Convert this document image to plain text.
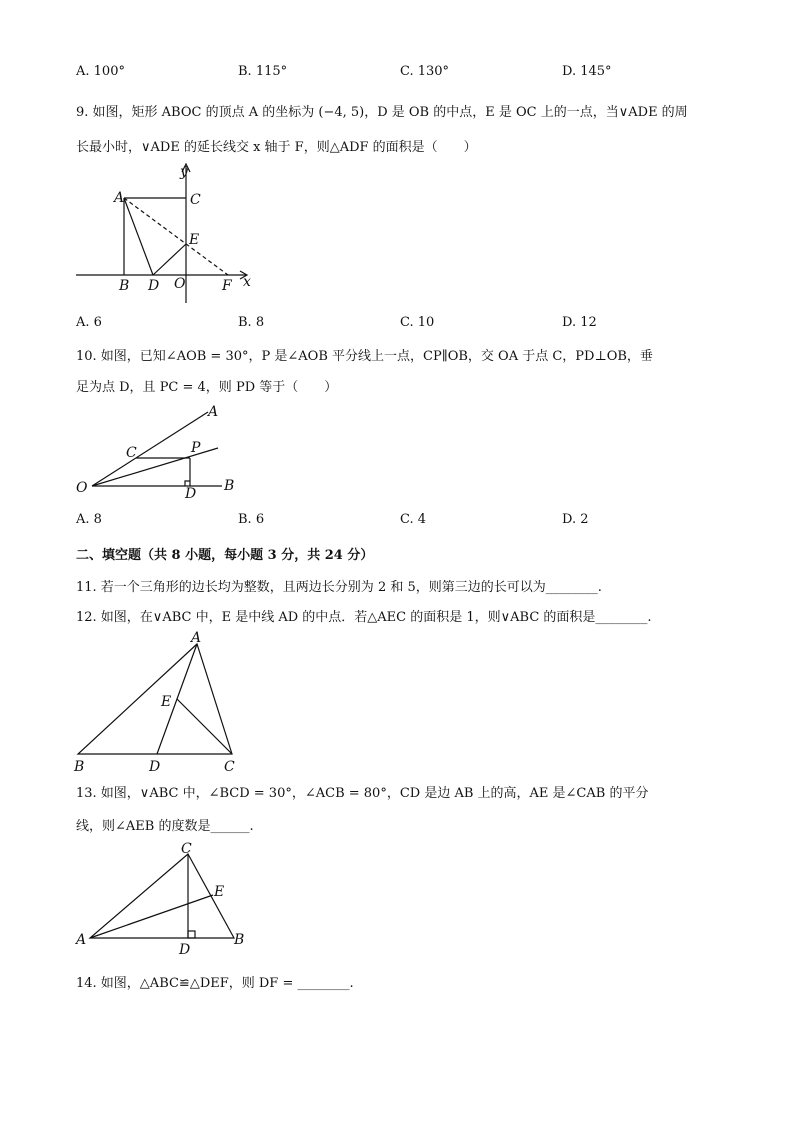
A. 100°	B. 115°	C. 130°	D. 145°
9. 如图，矩形 ABOC 的顶点 A 的坐标为 (−4, 5)，D 是 OB 的中点，E 是 OC 上的一点，当∨ADE 的周
长最小时，∨ADE 的延长线交 x 轴于 F，则△ADF 的面积是（　　）
y
A	C
E
B D O	F x
A. 6	B. 8	C. 10	D. 12
10. 如图，已知∠AOB = 30°，P 是∠AOB 平分线上一点，CP∥OB，交 OA 于点 C，PD⊥OB，垂
足为点 D，且 PC = 4，则 PD 等于（　　）
A
C	P
O	D B
A. 8	B. 6	C. 4	D. 2
二、填空题（共 8 小题，每小题 3 分，共 24 分）
11. 若一个三角形的边长均为整数，且两边长分别为 2 和 5，则第三边的长可以为________.
12. 如图，在∨ABC 中，E 是中线 AD 的中点．若△AEC 的面积是 1，则∨ABC 的面积是________.
A
E
B	D	C
13. 如图，∨ABC 中，∠BCD = 30°，∠ACB = 80°，CD 是边 AB 上的高，AE 是∠CAB 的平分
线，则∠AEB 的度数是______.
C
E
A
D
B
14. 如图，△ABC≌△DEF，则 DF = ________.
